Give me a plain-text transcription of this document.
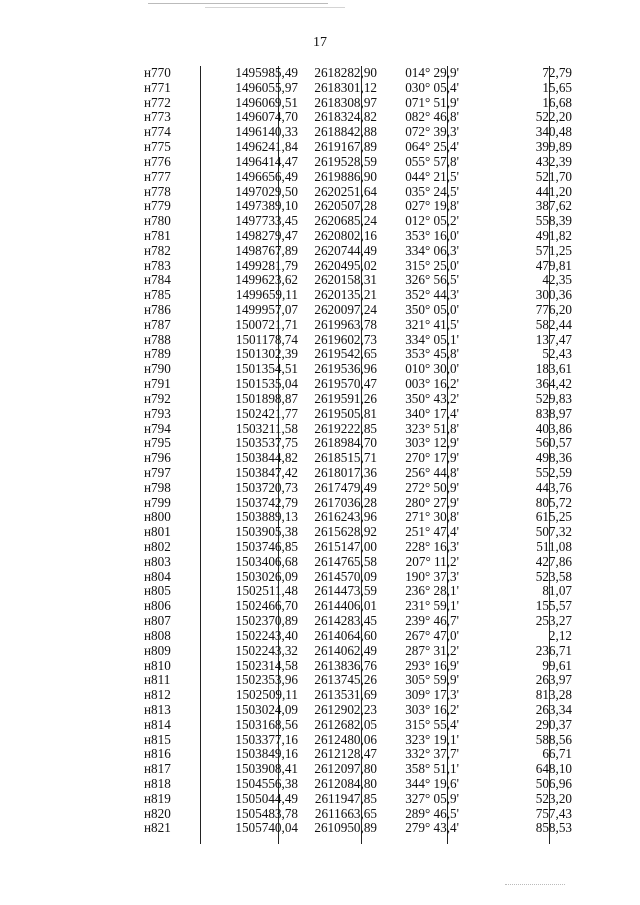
17
н770	1495985,49	2618282,90	014° 29,9'	72,79
н771	1496055,97	2618301,12	030° 05,4'	15,65
н772	1496069,51	2618308,97	071° 51,9'	16,68
н773	1496074,70	2618324,82	082° 46,8'	522,20
н774	1496140,33	2618842,88	072° 39,3'	340,48
н775	1496241,84	2619167,89	064° 25,4'	399,89
н776	1496414,47	2619528,59	055° 57,8'	432,39
н777	1496656,49	2619886,90	044° 21,5'	521,70
н778	1497029,50	2620251,64	035° 24,5'	441,20
н779	1497389,10	2620507,28	027° 19,8'	387,62
н780	1497733,45	2620685,24	012° 05,2'	558,39
н781	1498279,47	2620802,16	353° 16,0'	491,82
н782	1498767,89	2620744,49	334° 06,3'	571,25
н783	1499281,79	2620495,02	315° 25,0'	479,81
н784	1499623,62	2620158,31	326° 56,5'	42,35
н785	1499659,11	2620135,21	352° 44,3'	300,36
н786	1499957,07	2620097,24	350° 05,0'	776,20
н787	1500721,71	2619963,78	321° 41,5'	582,44
н788	1501178,74	2619602,73	334° 05,1'	137,47
н789	1501302,39	2619542,65	353° 45,8'	52,43
н790	1501354,51	2619536,96	010° 30,0'	183,61
н791	1501535,04	2619570,47	003° 16,2'	364,42
н792	1501898,87	2619591,26	350° 43,2'	529,83
н793	1502421,77	2619505,81	340° 17,4'	838,97
н794	1503211,58	2619222,85	323° 51,8'	403,86
н795	1503537,75	2618984,70	303° 12,9'	560,57
н796	1503844,82	2618515,71	270° 17,9'	498,36
н797	1503847,42	2618017,36	256° 44,8'	552,59
н798	1503720,73	2617479,49	272° 50,9'	443,76
н799	1503742,79	2617036,28	280° 27,9'	805,72
н800	1503889,13	2616243,96	271° 30,8'	615,25
н801	1503905,38	2615628,92	251° 47,4'	507,32
н802	1503746,85	2615147,00	228° 16,3'	511,08
н803	1503406,68	2614765,58	207° 11,2'	427,86
н804	1503026,09	2614570,09	190° 37,3'	523,58
н805	1502511,48	2614473,59	236° 28,1'	81,07
н806	1502466,70	2614406,01	231° 59,1'	155,57
н807	1502370,89	2614283,45	239° 46,7'	253,27
н808	1502243,40	2614064,60	267° 47,0'	2,12
н809	1502243,32	2614062,49	287° 31,2'	236,71
н810	1502314,58	2613836,76	293° 16,9'	99,61
н811	1502353,96	2613745,26	305° 59,9'	263,97
н812	1502509,11	2613531,69	309° 17,3'	813,28
н813	1503024,09	2612902,23	303° 16,2'	263,34
н814	1503168,56	2612682,05	315° 55,4'	290,37
н815	1503377,16	2612480,06	323° 19,1'	588,56
н816	1503849,16	2612128,47	332° 37,7'	66,71
н817	1503908,41	2612097,80	358° 51,1'	648,10
н818	1504556,38	2612084,80	344° 19,6'	506,96
н819	1505044,49	2611947,85	327° 05,9'	523,20
н820	1505483,78	2611663,65	289° 46,5'	757,43
н821	1505740,04	2610950,89	279° 43,4'	858,53
